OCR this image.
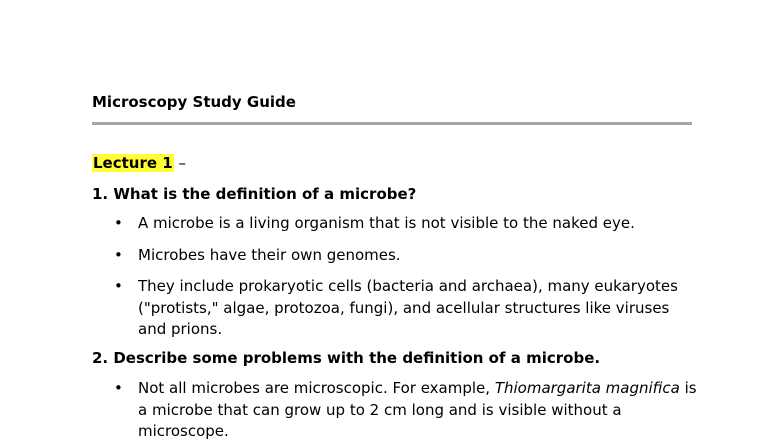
Microscopy Study Guide
Lecture 1 –
1. What is the definition of a microbe?
• A microbe is a living organism that is not visible to the naked eye.
• Microbes have their own genomes.
• They include prokaryotic cells (bacteria and archaea), many eukaryotes ("protists," algae, protozoa, fungi), and acellular structures like viruses and prions.
2. Describe some problems with the definition of a microbe.
• Not all microbes are microscopic. For example, Thiomargarita magnifica is a microbe that can grow up to 2 cm long and is visible without a microscope.
